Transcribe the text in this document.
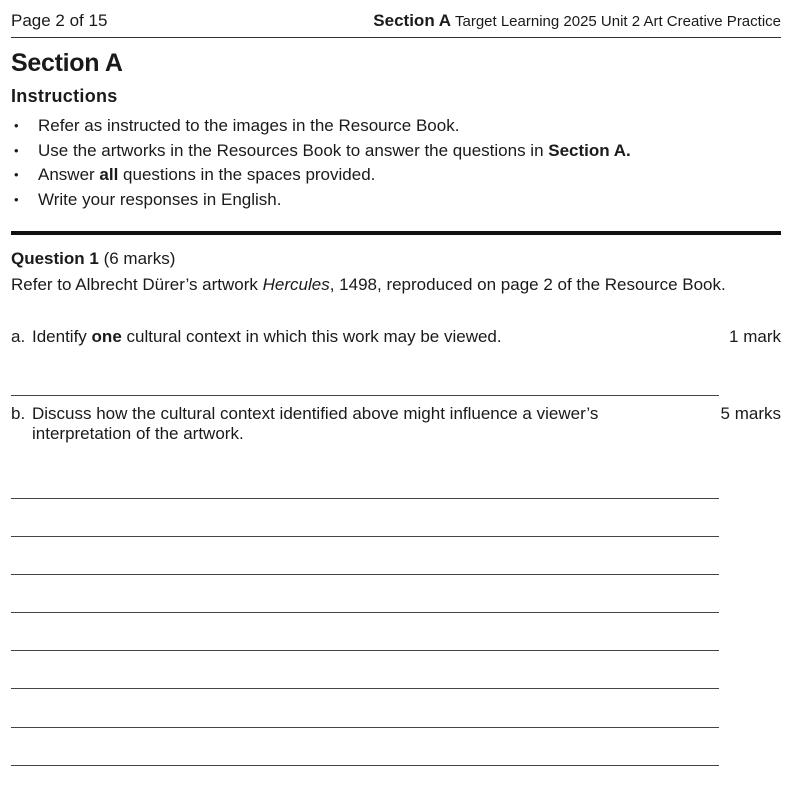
Page 2 of 15	Section A Target Learning 2025 Unit 2 Art Creative Practice
Section A
Instructions
•	Refer as instructed to the images in the Resource Book.
•	Use the artworks in the Resources Book to answer the questions in Section A.
•	Answer all questions in the spaces provided.
•	Write your responses in English.
Question 1 (6 marks)
Refer to Albrecht Dürer’s artwork Hercules, 1498, reproduced on page 2 of the Resource Book.
a. Identify one cultural context in which this work may be viewed.	1 mark
b. Discuss how the cultural context identified above might influence a viewer’s
interpretation of the artwork.
5 marks
